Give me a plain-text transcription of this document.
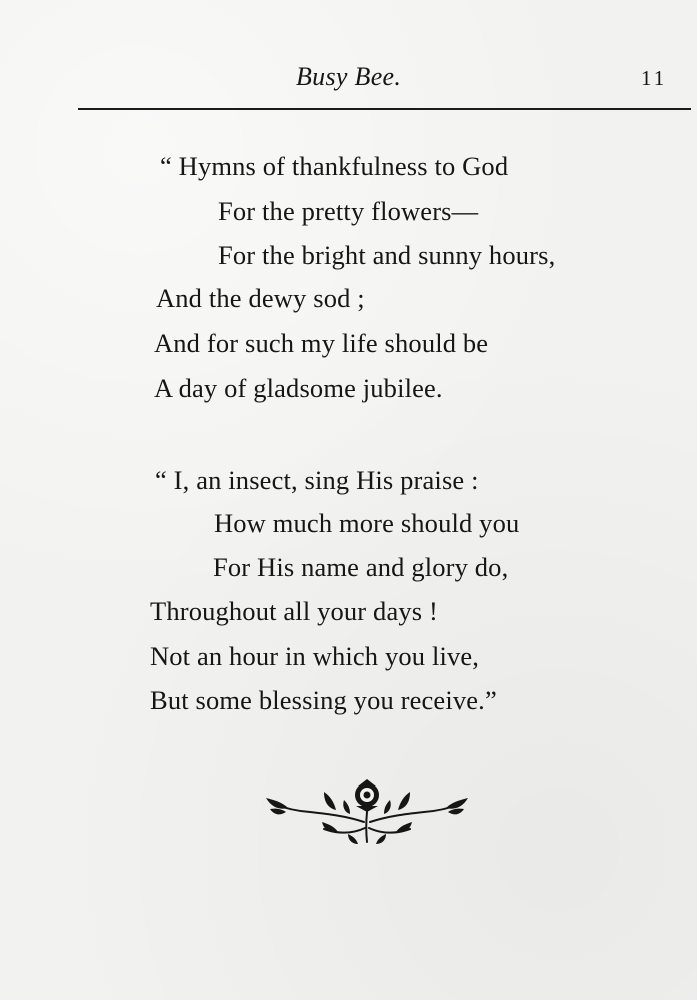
Busy Bee.	11
“ Hymns of thankfulness to God
For the pretty flowers—
For the bright and sunny hours,
And the dewy sod ;
And for such my life should be
A day of gladsome jubilee.
“ I, an insect, sing His praise :
How much more should you
For His name and glory do,
Throughout all your days !
Not an hour in which you live,
But some blessing you receive.”
